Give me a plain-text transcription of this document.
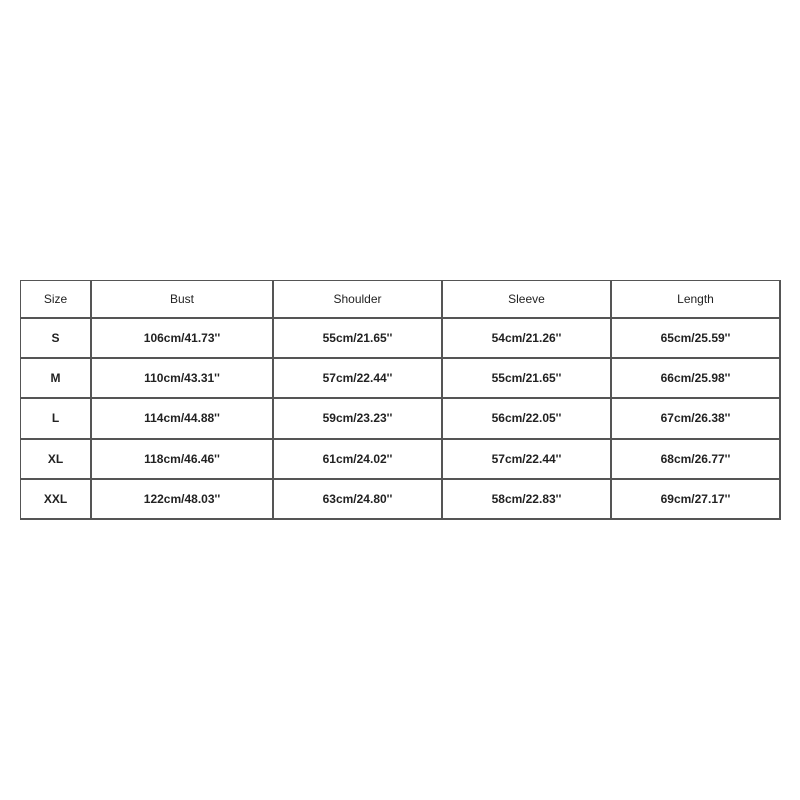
Size	Bust	Shoulder	Sleeve	Length
S	106cm/41.73''	55cm/21.65''	54cm/21.26''	65cm/25.59''
M	110cm/43.31''	57cm/22.44''	55cm/21.65''	66cm/25.98''
L	114cm/44.88''	59cm/23.23''	56cm/22.05''	67cm/26.38''
XL	118cm/46.46''	61cm/24.02''	57cm/22.44''	68cm/26.77''
XXL	122cm/48.03''	63cm/24.80''	58cm/22.83''	69cm/27.17''
